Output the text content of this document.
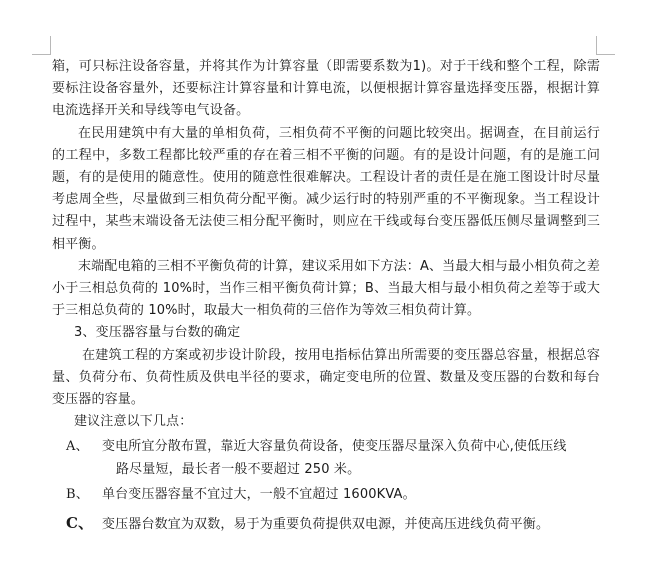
箱，可只标注设备容量，并将其作为计算容量（即需要系数为1)。对于干线和整个工程，除需要标注设备容量外，还要标注计算容量和计算电流，以便根据计算容量选择变压器，根据计算电流选择开关和导线等电气设备。

在民用建筑中有大量的单相负荷，三相负荷不平衡的问题比较突出。据调查，在目前运行的工程中，多数工程都比较严重的存在着三相不平衡的问题。有的是设计问题，有的是施工问题，有的是使用的随意性。使用的随意性很难解决。工程设计者的责任是在施工图设计时尽量考虑周全些，尽量做到三相负荷分配平衡。减少运行时的特别严重的不平衡现象。当工程设计过程中，某些末端设备无法使三相分配平衡时，则应在干线或每台变压器低压侧尽量调整到三相平衡。

末端配电箱的三相不平衡负荷的计算，建议采用如下方法：A、当最大相与最小相负荷之差小于三相总负荷的 10%时，当作三相平衡负荷计算；B、当最大相与最小相负荷之差等于或大于三相总负荷的 10%时，取最大一相负荷的三倍作为等效三相负荷计算。

3、变压器容量与台数的确定

在建筑工程的方案或初步设计阶段，按用电指标估算出所需要的变压器总容量，根据总容量、负荷分布、负荷性质及供电半径的要求，确定变电所的位置、数量及变压器的台数和每台变压器的容量。

建议注意以下几点：

A、	变电所宜分散布置，靠近大容量负荷设备，使变压器尽量深入负荷中心,使低压线
路尽量短，最长者一般不要超过 250 米。
B、	单台变压器容量不宜过大，一般不宜超过 1600KVA。
C、 变压器台数宜为双数，易于为重要负荷提供双电源，并使高压进线负荷平衡。
